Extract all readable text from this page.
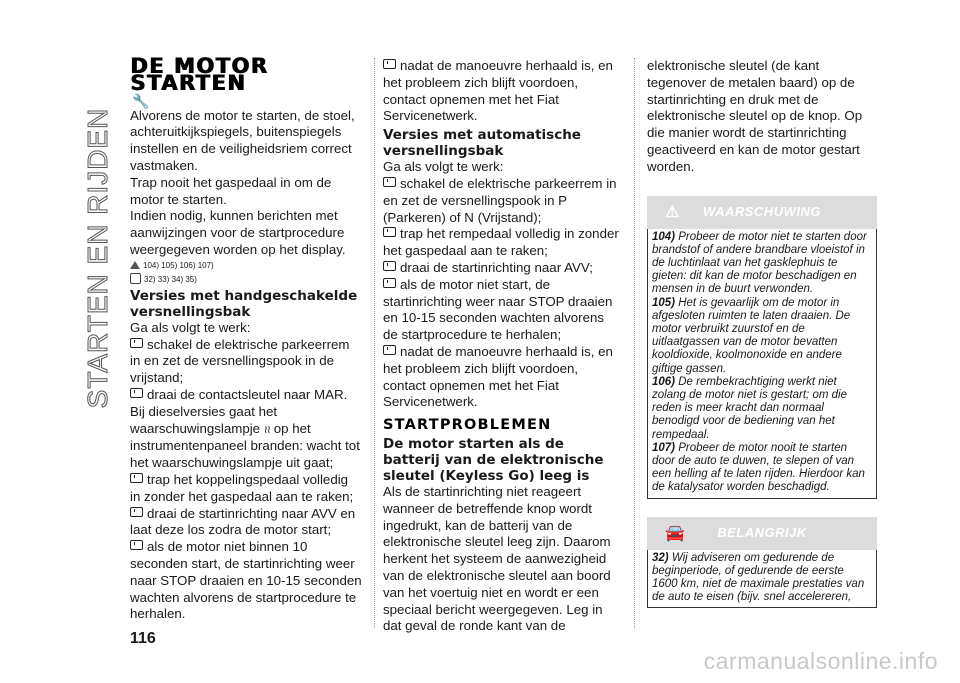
STARTEN EN RIJDEN
DE MOTOR STARTEN
🔧

Alvorens de motor te starten, de stoel, achteruitkijkspiegels, buitenspiegels instellen en de veiligheidsriem correct vastmaken.

Trap nooit het gaspedaal in om de motor te starten.

Indien nodig, kunnen berichten met aanwijzingen voor de startprocedure weergegeven worden op het display.

104) 105) 106) 107)
32) 33) 34) 35)
Versies met handgeschakelde versnellingsbak

Ga als volgt te werk:

schakel de elektrische parkeerrem in en zet de versnellingspook in de vrijstand;

draai de contactsleutel naar MAR. Bij dieselversies gaat het waarschuwingslampje ≀≀ op het instrumentenpaneel branden: wacht tot het waarschuwingslampje uit gaat;

trap het koppelingspedaal volledig in zonder het gaspedaal aan te raken;

draai de startinrichting naar AVV en laat deze los zodra de motor start;

als de motor niet binnen 10 seconden start, de startinrichting weer naar STOP draaien en 10-15 seconden wachten alvorens de startprocedure te herhalen.

nadat de manoeuvre herhaald is, en het probleem zich blijft voordoen, contact opnemen met het Fiat Servicenetwerk.

Versies met automatische versnellingsbak

Ga als volgt te werk:

schakel de elektrische parkeerrem in en zet de versnellingspook in P (Parkeren) of N (Vrijstand);

trap het rempedaal volledig in zonder het gaspedaal aan te raken;

draai de startinrichting naar AVV;

als de motor niet start, de startinrichting weer naar STOP draaien en 10-15 seconden wachten alvorens de startprocedure te herhalen;

nadat de manoeuvre herhaald is, en het probleem zich blijft voordoen, contact opnemen met het Fiat Servicenetwerk.

STARTPROBLEMEN
De motor starten als de batterij van de elektronische sleutel (Keyless Go) leeg is

Als de startinrichting niet reageert wanneer de betreffende knop wordt ingedrukt, kan de batterij van de elektronische sleutel leeg zijn. Daarom herkent het systeem de aanwezigheid van de elektronische sleutel aan boord van het voertuig niet en wordt er een speciaal bericht weergegeven. Leg in dat geval de ronde kant van de

elektronische sleutel (de kant tegenover de metalen baard) op de startinrichting en druk met de elektronische sleutel op de knop. Op die manier wordt de startinrichting geactiveerd en kan de motor gestart worden.

⚠ WAARSCHUWING

104) Probeer de motor niet te starten door brandstof of andere brandbare vloeistof in de luchtinlaat van het gasklephuis te gieten: dit kan de motor beschadigen en mensen in de buurt verwonden.

105) Het is gevaarlijk om de motor in afgesloten ruimten te laten draaien. De motor verbruikt zuurstof en de uitlaatgassen van de motor bevatten kooldioxide, koolmonoxide en andere giftige gassen.

106) De rembekrachtiging werkt niet zolang de motor niet is gestart; om die reden is meer kracht dan normaal benodigd voor de bediening van het rempedaal.

107) Probeer de motor nooit te starten door de auto te duwen, te slepen of van een helling af te laten rijden. Hierdoor kan de katalysator worden beschadigd.

🚘 BELANGRIJK

32) Wij adviseren om gedurende de beginperiode, of gedurende de eerste 1600 km, niet de maximale prestaties van de auto te eisen (bijv. snel accelereren,

116
carmanualsonline.info
